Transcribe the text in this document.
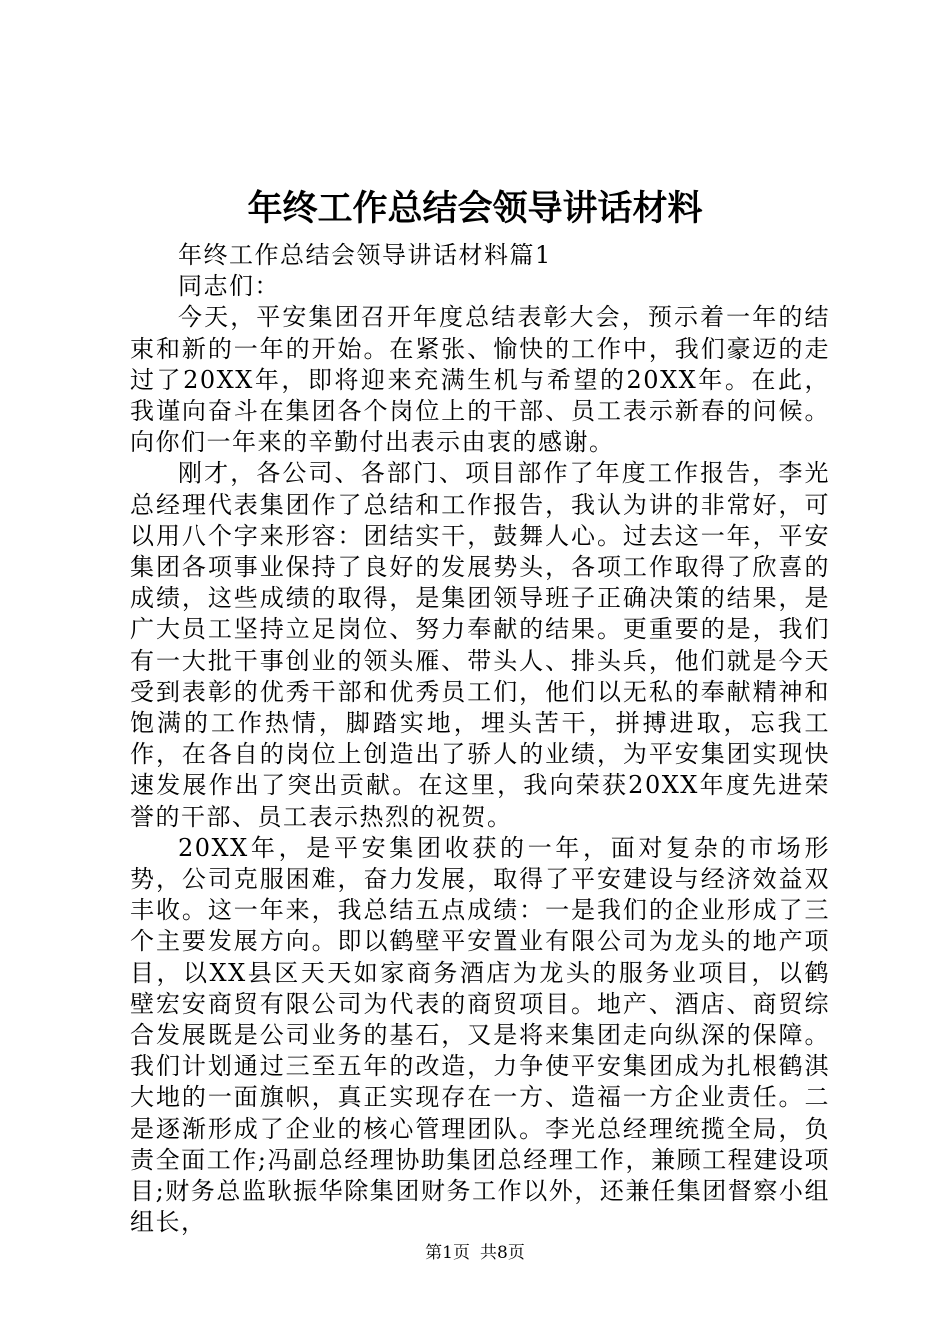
年终工作总结会领导讲话材料

年终工作总结会领导讲话材料篇1

同志们：

今天，平安集团召开年度总结表彰大会，预示着一年的结束和新的一年的开始。在紧张、愉快的工作中，我们豪迈的走过了20XX年，即将迎来充满生机与希望的20XX年。在此，我谨向奋斗在集团各个岗位上的干部、员工表示新春的问候。向你们一年来的辛勤付出表示由衷的感谢。

刚才，各公司、各部门、项目部作了年度工作报告，李光总经理代表集团作了总结和工作报告，我认为讲的非常好，可以用八个字来形容：团结实干，鼓舞人心。过去这一年，平安集团各项事业保持了良好的发展势头，各项工作取得了欣喜的成绩，这些成绩的取得，是集团领导班子正确决策的结果，是广大员工坚持立足岗位、努力奉献的结果。更重要的是，我们有一大批干事创业的领头雁、带头人、排头兵，他们就是今天受到表彰的优秀干部和优秀员工们，他们以无私的奉献精神和饱满的工作热情，脚踏实地，埋头苦干，拼搏进取，忘我工作，在各自的岗位上创造出了骄人的业绩，为平安集团实现快速发展作出了突出贡献。在这里，我向荣获20XX年度先进荣誉的干部、员工表示热烈的祝贺。

20XX年，是平安集团收获的一年，面对复杂的市场形势，公司克服困难，奋力发展，取得了平安建设与经济效益双丰收。这一年来，我总结五点成绩：一是我们的企业形成了三个主要发展方向。即以鹤壁平安置业有限公司为龙头的地产项目，以XX县区天天如家商务酒店为龙头的服务业项目，以鹤壁宏安商贸有限公司为代表的商贸项目。地产、酒店、商贸综合发展既是公司业务的基石，又是将来集团走向纵深的保障。我们计划通过三至五年的改造，力争使平安集团成为扎根鹤淇大地的一面旗帜，真正实现存在一方、造福一方企业责任。二是逐渐形成了企业的核心管理团队。李光总经理统揽全局，负责全面工作;冯副总经理协助集团总经理工作，兼顾工程建设项目;财务总监耿振华除集团财务工作以外，还兼任集团督察小组组长，

第1页 共8页
